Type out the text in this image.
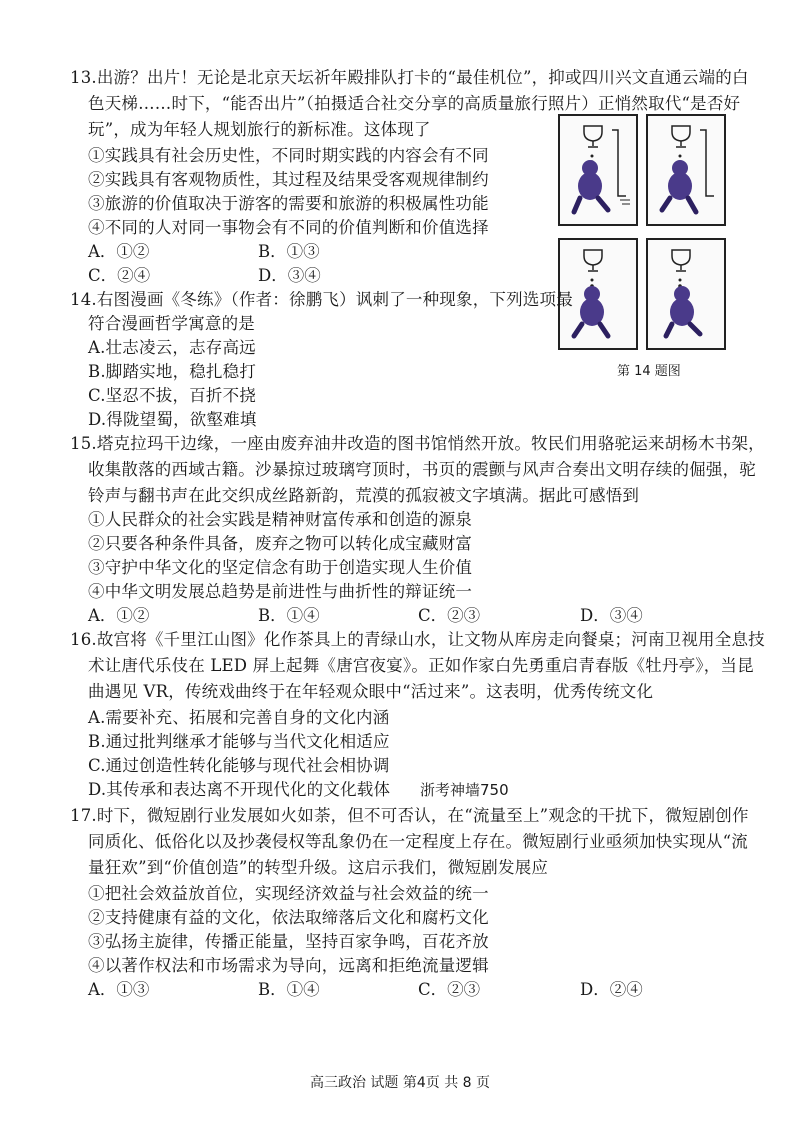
13.出游？出片！无论是北京天坛祈年殿排队打卡的“最佳机位”，抑或四川兴文直通云端的白
色天梯……时下，“能否出片”（拍摄适合社交分享的高质量旅行照片）正悄然取代“是否好
玩”，成为年轻人规划旅行的新标准。这体现了
①实践具有社会历史性，不同时期实践的内容会有不同
②实践具有客观物质性，其过程及结果受客观规律制约
③旅游的价值取决于游客的需要和旅游的积极属性功能
④不同的人对同一事物会有不同的价值判断和价值选择
A．①②	B．①③
C．②④	D．③④
第 14 题图
14.右图漫画《冬练》（作者：徐鹏飞）讽刺了一种现象，下列选项最
符合漫画哲学寓意的是
A.壮志凌云，志存高远
B.脚踏实地，稳扎稳打
C.坚忍不拔，百折不挠
D.得陇望蜀，欲壑难填
15.塔克拉玛干边缘，一座由废弃油井改造的图书馆悄然开放。牧民们用骆驼运来胡杨木书架，
收集散落的西域古籍。沙暴掠过玻璃穹顶时，书页的震颤与风声合奏出文明存续的倔强，驼
铃声与翻书声在此交织成丝路新韵，荒漠的孤寂被文字填满。据此可感悟到
①人民群众的社会实践是精神财富传承和创造的源泉
②只要各种条件具备，废弃之物可以转化成宝藏财富
③守护中华文化的坚定信念有助于创造实现人生价值
④中华文明发展总趋势是前进性与曲折性的辩证统一
A．①②	B．①④	C．②③	D．③④
16.故宫将《千里江山图》化作茶具上的青绿山水，让文物从库房走向餐桌；河南卫视用全息技
术让唐代乐伎在 LED 屏上起舞《唐宫夜宴》。正如作家白先勇重启青春版《牡丹亭》，当昆
曲遇见 VR，传统戏曲终于在年轻观众眼中“活过来”。这表明，优秀传统文化
A.需要补充、拓展和完善自身的文化内涵
B.通过批判继承才能够与当代文化相适应
C.通过创造性转化能够与现代社会相协调
D.其传承和表达离不开现代化的文化载体 浙考神墙750
17.时下，微短剧行业发展如火如荼，但不可否认，在“流量至上”观念的干扰下，微短剧创作
同质化、低俗化以及抄袭侵权等乱象仍在一定程度上存在。微短剧行业亟须加快实现从“流
量狂欢”到“价值创造”的转型升级。这启示我们，微短剧发展应
①把社会效益放首位，实现经济效益与社会效益的统一
②支持健康有益的文化，依法取缔落后文化和腐朽文化
③弘扬主旋律，传播正能量，坚持百家争鸣，百花齐放
④以著作权法和市场需求为导向，远离和拒绝流量逻辑
A．①③	B．①④	C．②③	D．②④
高三政治 试题 第4页 共 8 页
